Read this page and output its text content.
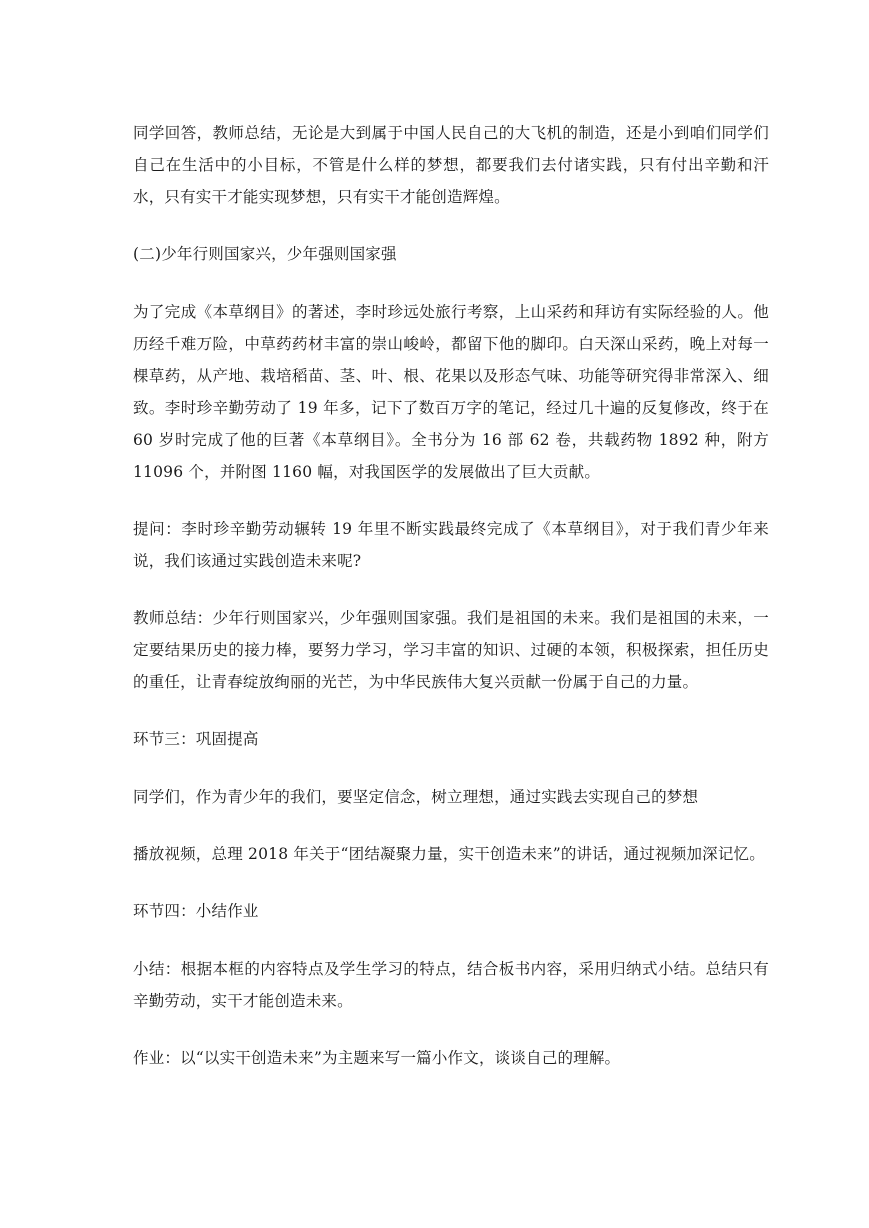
同学回答，教师总结，无论是大到属于中国人民自己的大飞机的制造，还是小到咱们同学们自己在生活中的小目标，不管是什么样的梦想，都要我们去付诸实践，只有付出辛勤和汗水，只有实干才能实现梦想，只有实干才能创造辉煌。

(二)少年行则国家兴，少年强则国家强

为了完成《本草纲目》的著述，李时珍远处旅行考察，上山采药和拜访有实际经验的人。他历经千难万险，中草药药材丰富的崇山峻岭，都留下他的脚印。白天深山采药，晚上对每一棵草药，从产地、栽培稻苗、茎、叶、根、花果以及形态气味、功能等研究得非常深入、细致。李时珍辛勤劳动了 19 年多，记下了数百万字的笔记，经过几十遍的反复修改，终于在 60 岁时完成了他的巨著《本草纲目》。全书分为 16 部 62 卷，共载药物 1892 种，附方 11096 个，并附图 1160 幅，对我国医学的发展做出了巨大贡献。

提问：李时珍辛勤劳动辗转 19 年里不断实践最终完成了《本草纲目》，对于我们青少年来说，我们该通过实践创造未来呢?

教师总结：少年行则国家兴，少年强则国家强。我们是祖国的未来。我们是祖国的未来，一定要结果历史的接力棒，要努力学习，学习丰富的知识、过硬的本领，积极探索，担任历史的重任，让青春绽放绚丽的光芒，为中华民族伟大复兴贡献一份属于自己的力量。

环节三：巩固提高

同学们，作为青少年的我们，要坚定信念，树立理想，通过实践去实现自己的梦想

播放视频，总理 2018 年关于“团结凝聚力量，实干创造未来”的讲话，通过视频加深记忆。

环节四：小结作业

小结：根据本框的内容特点及学生学习的特点，结合板书内容，采用归纳式小结。总结只有辛勤劳动，实干才能创造未来。

作业：以“以实干创造未来”为主题来写一篇小作文，谈谈自己的理解。
